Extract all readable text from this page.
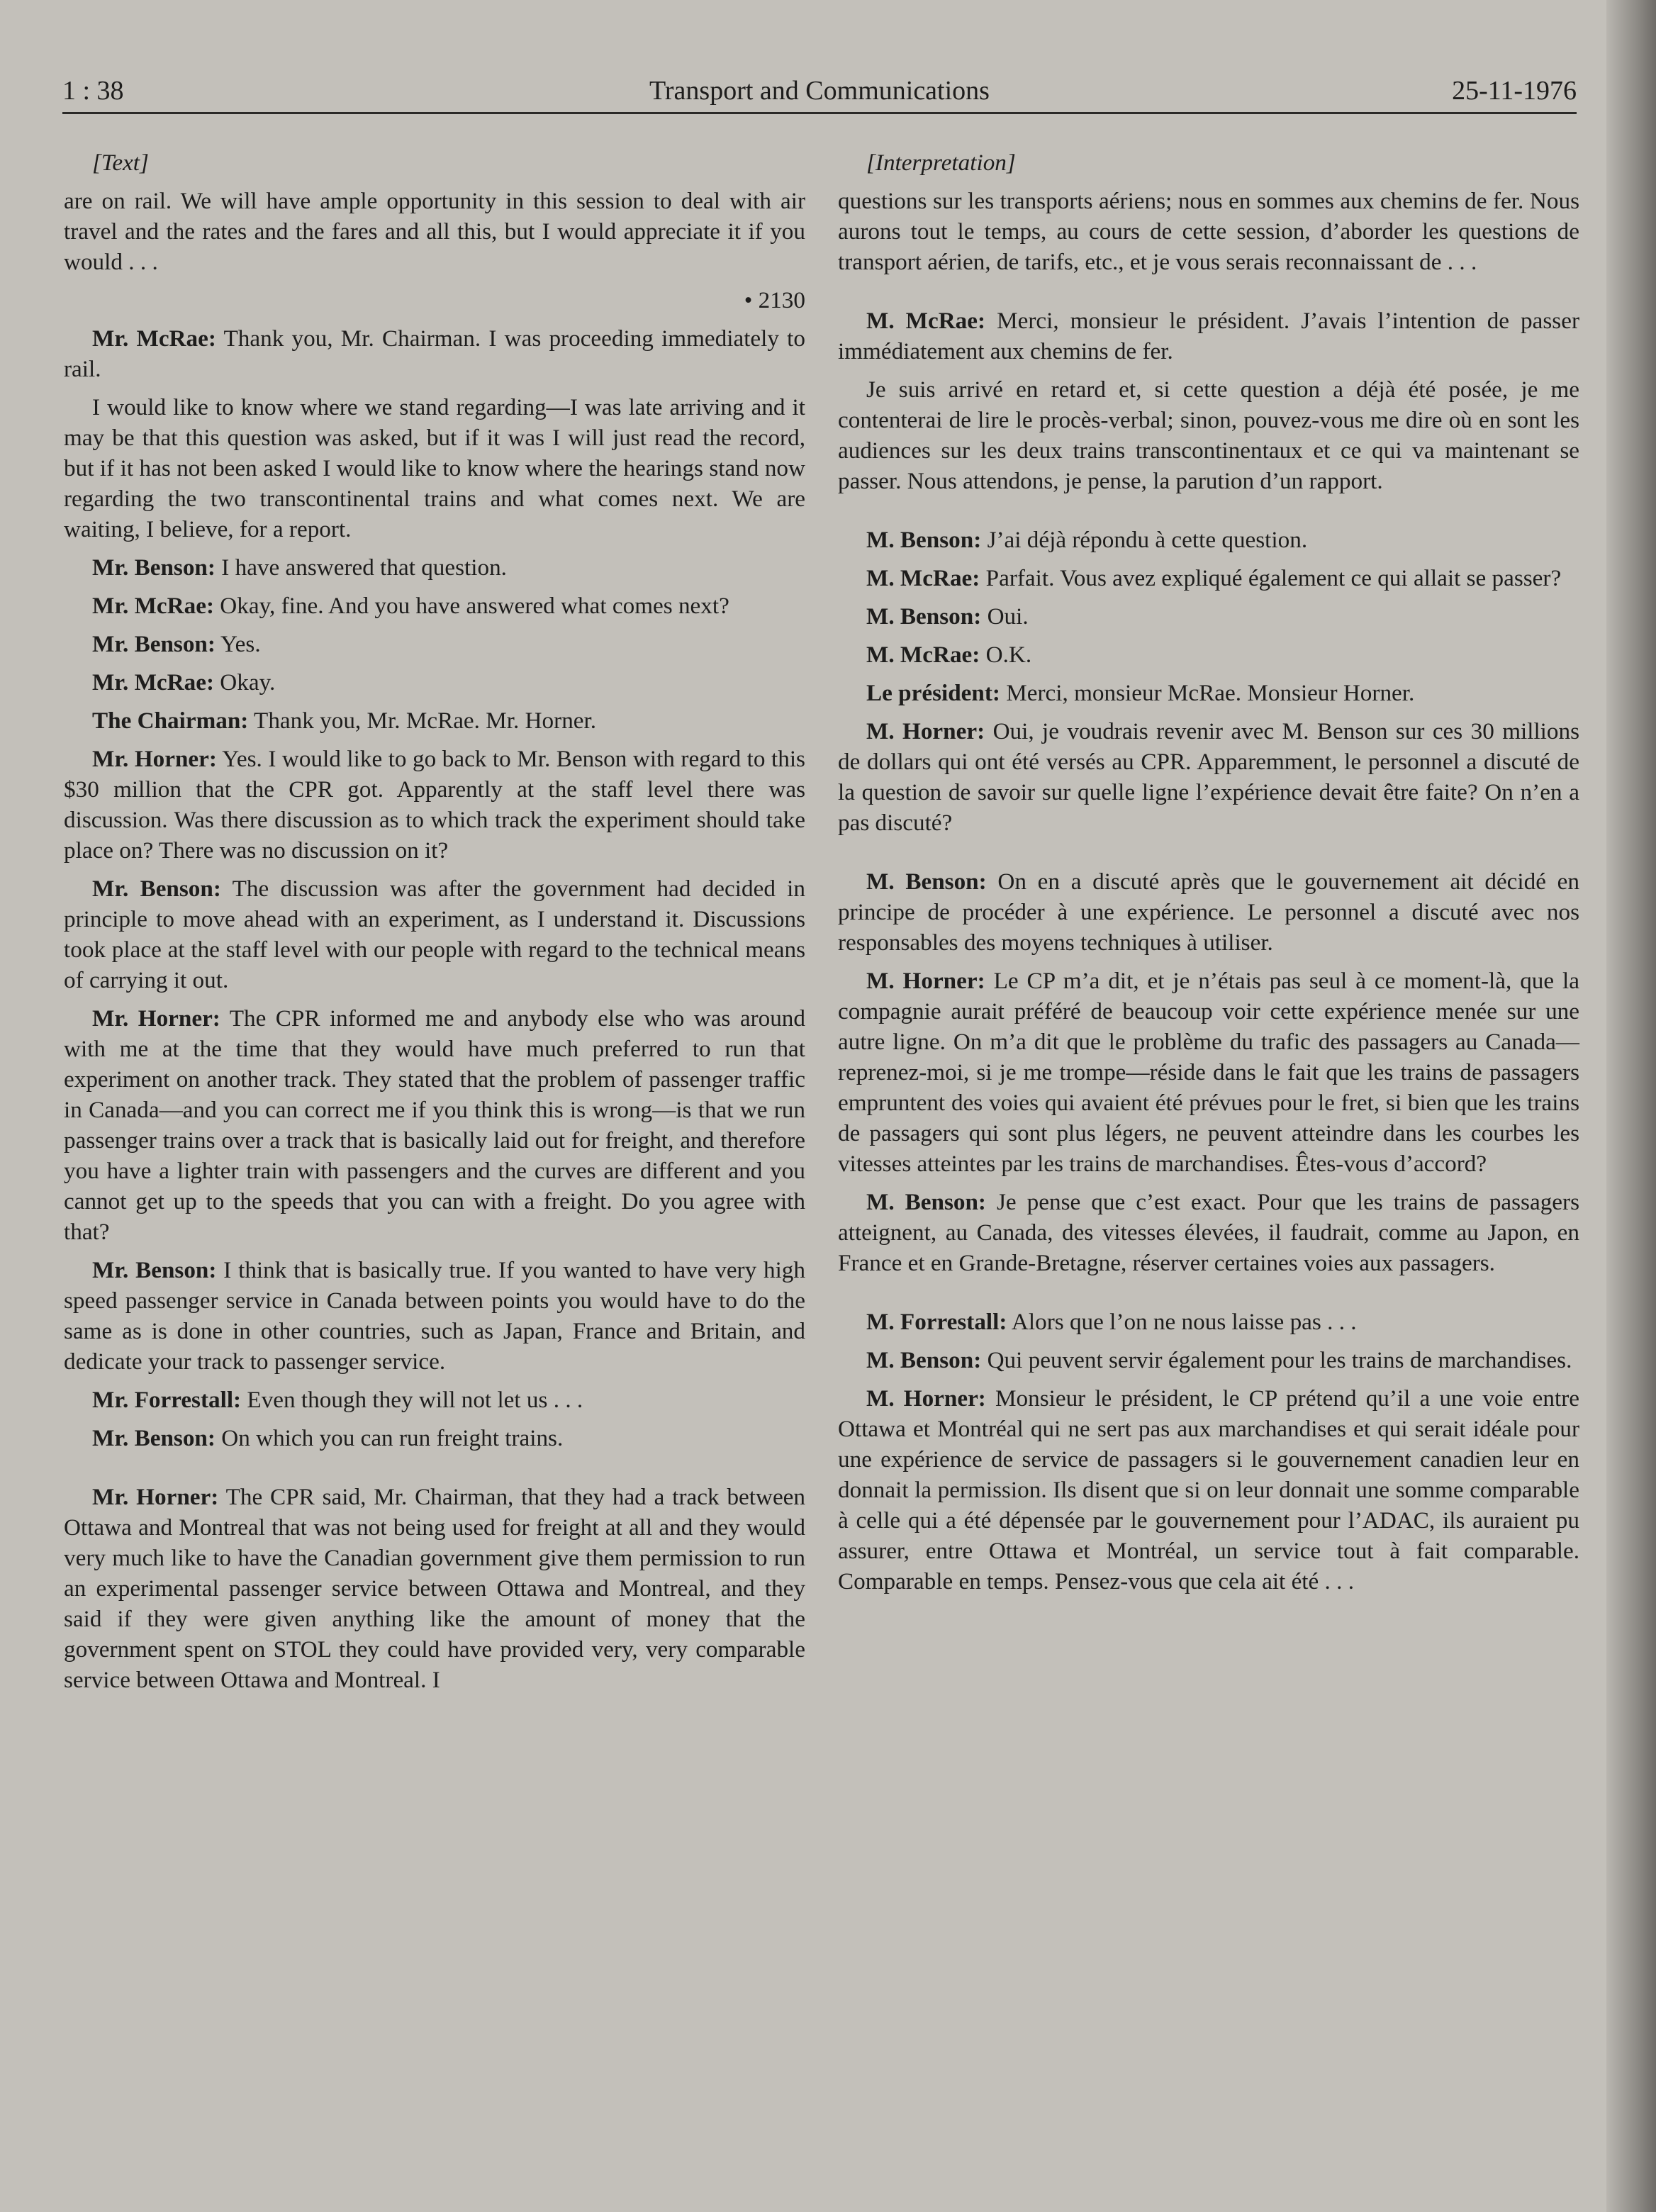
1 : 38	Transport and Communications	25-11-1976

[Text]

are on rail. We will have ample opportunity in this session to deal with air travel and the rates and the fares and all this, but I would appreciate it if you would . . .

• 2130

Mr. McRae: Thank you, Mr. Chairman. I was proceeding immediately to rail.

I would like to know where we stand regarding—I was late arriving and it may be that this question was asked, but if it was I will just read the record, but if it has not been asked I would like to know where the hearings stand now regarding the two transcontinental trains and what comes next. We are waiting, I believe, for a report.

Mr. Benson: I have answered that question.

Mr. McRae: Okay, fine. And you have answered what comes next?

Mr. Benson: Yes.

Mr. McRae: Okay.

The Chairman: Thank you, Mr. McRae. Mr. Horner.

Mr. Horner: Yes. I would like to go back to Mr. Benson with regard to this $30 million that the CPR got. Apparently at the staff level there was discussion. Was there discussion as to which track the experiment should take place on? There was no discussion on it?

Mr. Benson: The discussion was after the government had decided in principle to move ahead with an experiment, as I understand it. Discussions took place at the staff level with our people with regard to the technical means of carrying it out.

Mr. Horner: The CPR informed me and anybody else who was around with me at the time that they would have much preferred to run that experiment on another track. They stated that the problem of passenger traffic in Canada—and you can correct me if you think this is wrong—is that we run passenger trains over a track that is basically laid out for freight, and therefore you have a lighter train with passengers and the curves are different and you cannot get up to the speeds that you can with a freight. Do you agree with that?

Mr. Benson: I think that is basically true. If you wanted to have very high speed passenger service in Canada between points you would have to do the same as is done in other countries, such as Japan, France and Britain, and dedicate your track to passenger service.

Mr. Forrestall: Even though they will not let us . . .

Mr. Benson: On which you can run freight trains.

Mr. Horner: The CPR said, Mr. Chairman, that they had a track between Ottawa and Montreal that was not being used for freight at all and they would very much like to have the Canadian government give them permission to run an experimental passenger service between Ottawa and Montreal, and they said if they were given anything like the amount of money that the government spent on STOL they could have provided very, very comparable service between Ottawa and Montreal. I

[Interpretation]

questions sur les transports aériens; nous en sommes aux chemins de fer. Nous aurons tout le temps, au cours de cette session, d’aborder les questions de transport aérien, de tarifs, etc., et je vous serais reconnaissant de . . .

M. McRae: Merci, monsieur le président. J’avais l’intention de passer immédiatement aux chemins de fer.

Je suis arrivé en retard et, si cette question a déjà été posée, je me contenterai de lire le procès-verbal; sinon, pouvez-vous me dire où en sont les audiences sur les deux trains transcontinentaux et ce qui va maintenant se passer. Nous attendons, je pense, la parution d’un rapport.

M. Benson: J’ai déjà répondu à cette question.

M. McRae: Parfait. Vous avez expliqué également ce qui allait se passer?

M. Benson: Oui.

M. McRae: O.K.

Le président: Merci, monsieur McRae. Monsieur Horner.

M. Horner: Oui, je voudrais revenir avec M. Benson sur ces 30 millions de dollars qui ont été versés au CPR. Apparemment, le personnel a discuté de la question de savoir sur quelle ligne l’expérience devait être faite? On n’en a pas discuté?

M. Benson: On en a discuté après que le gouvernement ait décidé en principe de procéder à une expérience. Le personnel a discuté avec nos responsables des moyens techniques à utiliser.

M. Horner: Le CP m’a dit, et je n’étais pas seul à ce moment-là, que la compagnie aurait préféré de beaucoup voir cette expérience menée sur une autre ligne. On m’a dit que le problème du trafic des passagers au Canada—reprenez-moi, si je me trompe—réside dans le fait que les trains de passagers empruntent des voies qui avaient été prévues pour le fret, si bien que les trains de passagers qui sont plus légers, ne peuvent atteindre dans les courbes les vitesses atteintes par les trains de marchandises. Êtes-vous d’accord?

M. Benson: Je pense que c’est exact. Pour que les trains de passagers atteignent, au Canada, des vitesses élevées, il faudrait, comme au Japon, en France et en Grande-Bretagne, réserver certaines voies aux passagers.

M. Forrestall: Alors que l’on ne nous laisse pas . . .

M. Benson: Qui peuvent servir également pour les trains de marchandises.

M. Horner: Monsieur le président, le CP prétend qu’il a une voie entre Ottawa et Montréal qui ne sert pas aux marchandises et qui serait idéale pour une expérience de service de passagers si le gouvernement canadien leur en donnait la permission. Ils disent que si on leur donnait une somme comparable à celle qui a été dépensée par le gouvernement pour l’ADAC, ils auraient pu assurer, entre Ottawa et Montréal, un service tout à fait comparable. Comparable en temps. Pensez-vous que cela ait été . . .
